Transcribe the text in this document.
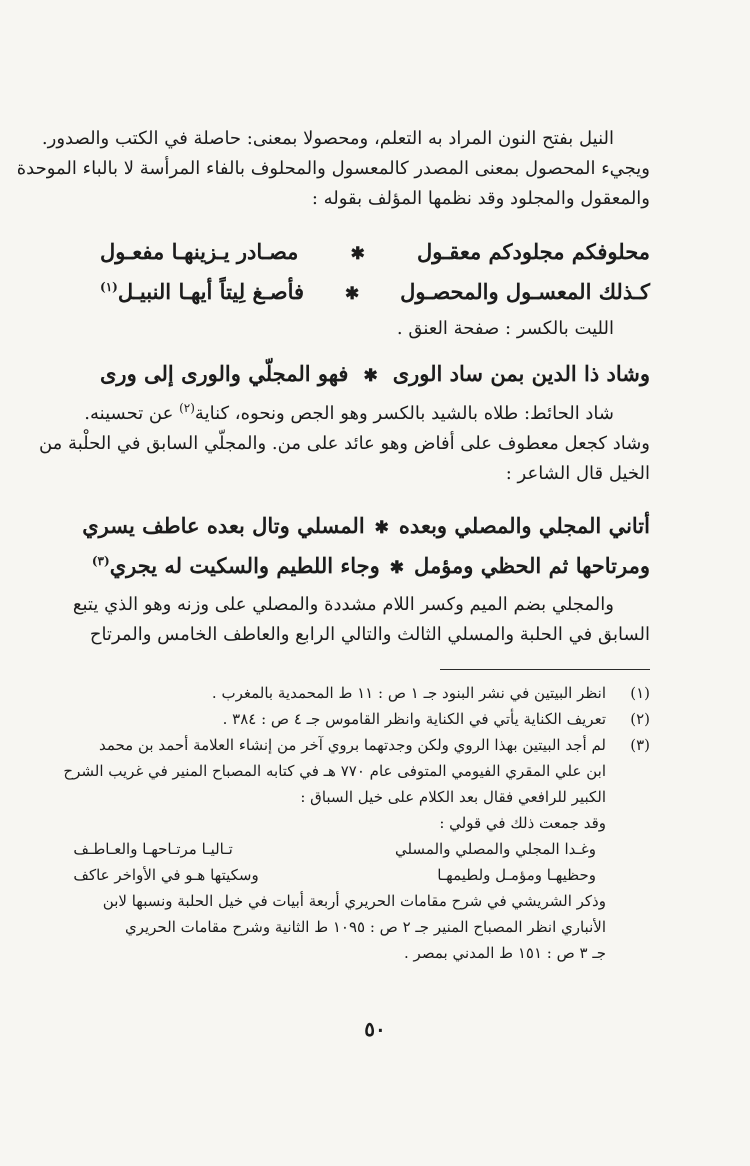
النيل بفتح النون المراد به التعلم، ومحصولا بمعنى: حاصلة في الكتب والصدور.
ويجيء المحصول بمعنى المصدر كالمعسول والمحلوف بالفاء المرأسة لا بالباء الموحدة
والمعقول والمجلود وقد نظمها المؤلف بقوله :
محلوفكم مجلودكم معقـول
✱
مصـادر يـزينهـا مفعـول
كـذلك المعسـول والمحصـول
✱
فأصـغ لِيتاً أيهـا النبيـل$^{(١)}$
الليت بالكسر : صفحة العنق .
وشاد ذا الدين بمن ساد الورى
✱
فهو المجلّي والورى إلى ورى
شاد الحائط: طلاه بالشيد بالكسر وهو الجص ونحوه، كناية$^{(٢)}$ عن تحسينه.
وشاد كجعل معطوف على أفاض وهو عائد على من. والمجلّي السابق في الحلْبة من
الخيل قال الشاعر :
أتاني المجلي والمصلي وبعده
✱
المسلي وتال بعده عاطف يسري
ومرتاحها ثم الحظي ومؤمل
✱
وجاء اللطيم والسكيت له يجري$^{(٣)}$
والمجلي بضم الميم وكسر اللام مشددة والمصلي على وزنه وهو الذي يتبع
السابق في الحلبة والمسلي الثالث والتالي الرابع والعاطف الخامس والمرتاح
(١)
انظر البيتين في نشر البنود جـ ١ ص : ١١ ط المحمدية بالمغرب .
(٢)
تعريف الكناية يأتي في الكناية وانظر القاموس جـ ٤ ص : ٣٨٤ .
(٣)
لم أجد البيتين بهذا الروي ولكن وجدتهما بروي آخر من إنشاء العلامة أحمد بن محمد
ابن علي المقري الفيومي المتوفى عام ٧٧٠ هـ في كتابه المصباح المنير في غريب الشرح
الكبير للرافعي فقال بعد الكلام على خيل السباق :
وقد جمعت ذلك في قولي :
وغـدا المجلي والمصلي والمسلي
تـاليـا مرتـاحهـا والعـاطـف
وحظيهـا ومؤمـل ولطيمهـا
وسكيتها هـو في الأواخر عاكف
وذكر الشريشي في شرح مقامات الحريري أربعة أبيات في خيل الحلبة ونسبها لابن
الأنباري انظر المصباح المنير جـ ٢ ص : ١٠٩٥ ط الثانية وشرح مقامات الحريري
جـ ٣ ص : ١٥١ ط المدني بمصر .
٥٠
